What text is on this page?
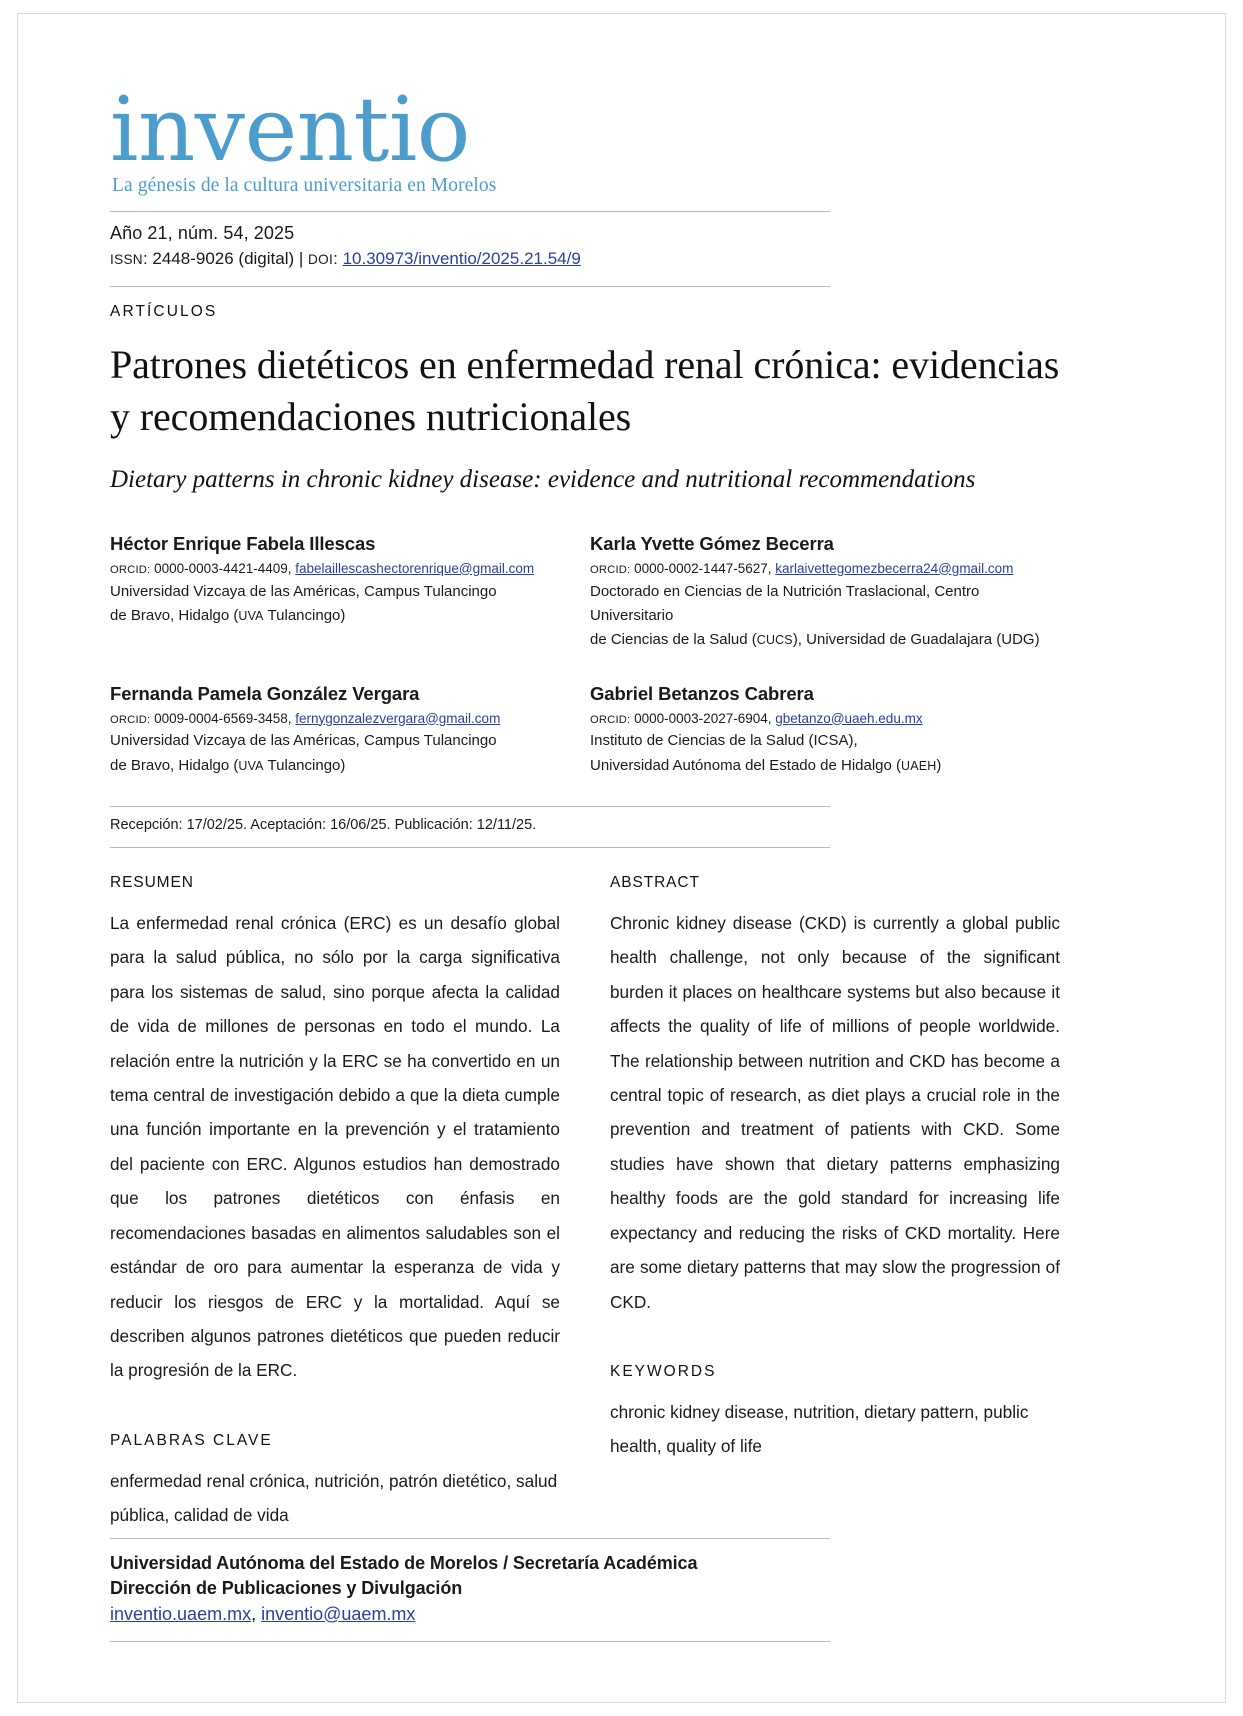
inventio
La génesis de la cultura universitaria en Morelos
Año 21, núm. 54, 2025
ISSN: 2448-9026 (digital) | DOI: 10.30973/inventio/2025.21.54/9
ARTÍCULOS
Patrones dietéticos en enfermedad renal crónica: evidencias y recomendaciones nutricionales
Dietary patterns in chronic kidney disease: evidence and nutritional recommendations

Héctor Enrique Fabela Illescas

ORCID: 0000-0003-4421-4409, fabelaillescashectorenrique@gmail.com

Universidad Vizcaya de las Américas, Campus Tulancingo

de Bravo, Hidalgo (UVA Tulancingo)

Karla Yvette Gómez Becerra

ORCID: 0000-0002-1447-5627, karlaivettegomezbecerra24@gmail.com

Doctorado en Ciencias de la Nutrición Traslacional, Centro Universitario

de Ciencias de la Salud (CUCS), Universidad de Guadalajara (UDG)

Fernanda Pamela González Vergara

ORCID: 0009-0004-6569-3458, fernygonzalezvergara@gmail.com

Universidad Vizcaya de las Américas, Campus Tulancingo

de Bravo, Hidalgo (UVA Tulancingo)

Gabriel Betanzos Cabrera

ORCID: 0000-0003-2027-6904, gbetanzo@uaeh.edu.mx

Instituto de Ciencias de la Salud (ICSA),

Universidad Autónoma del Estado de Hidalgo (UAEH)

Recepción: 17/02/25. Aceptación: 16/06/25. Publicación: 12/11/25.

RESUMEN

La enfermedad renal crónica (ERC) es un desafío global para la salud pública, no sólo por la carga significativa para los sistemas de salud, sino porque afecta la calidad de vida de millones de personas en todo el mundo. La relación entre la nutrición y la ERC se ha convertido en un tema central de investigación debido a que la dieta cumple una función importante en la prevención y el tratamiento del paciente con ERC. Algunos estudios han demostrado que los patrones dietéticos con énfasis en recomendaciones basadas en alimentos saludables son el estándar de oro para aumentar la esperanza de vida y reducir los riesgos de ERC y la mortalidad. Aquí se describen algunos patrones dietéticos que pueden reducir la progresión de la ERC.

PALABRAS CLAVE

enfermedad renal crónica, nutrición, patrón dietético, salud pública, calidad de vida

ABSTRACT

Chronic kidney disease (CKD) is currently a global public health challenge, not only because of the significant burden it places on healthcare systems but also because it affects the quality of life of millions of people worldwide. The relationship between nutrition and CKD has become a central topic of research, as diet plays a crucial role in the prevention and treatment of patients with CKD. Some studies have shown that dietary patterns emphasizing healthy foods are the gold standard for increasing life expectancy and reducing the risks of CKD mortality. Here are some dietary patterns that may slow the progression of CKD.

KEYWORDS

chronic kidney disease, nutrition, dietary pattern, public health, quality of life

Universidad Autónoma del Estado de Morelos / Secretaría Académica

Dirección de Publicaciones y Divulgación

inventio.uaem.mx, inventio@uaem.mx
